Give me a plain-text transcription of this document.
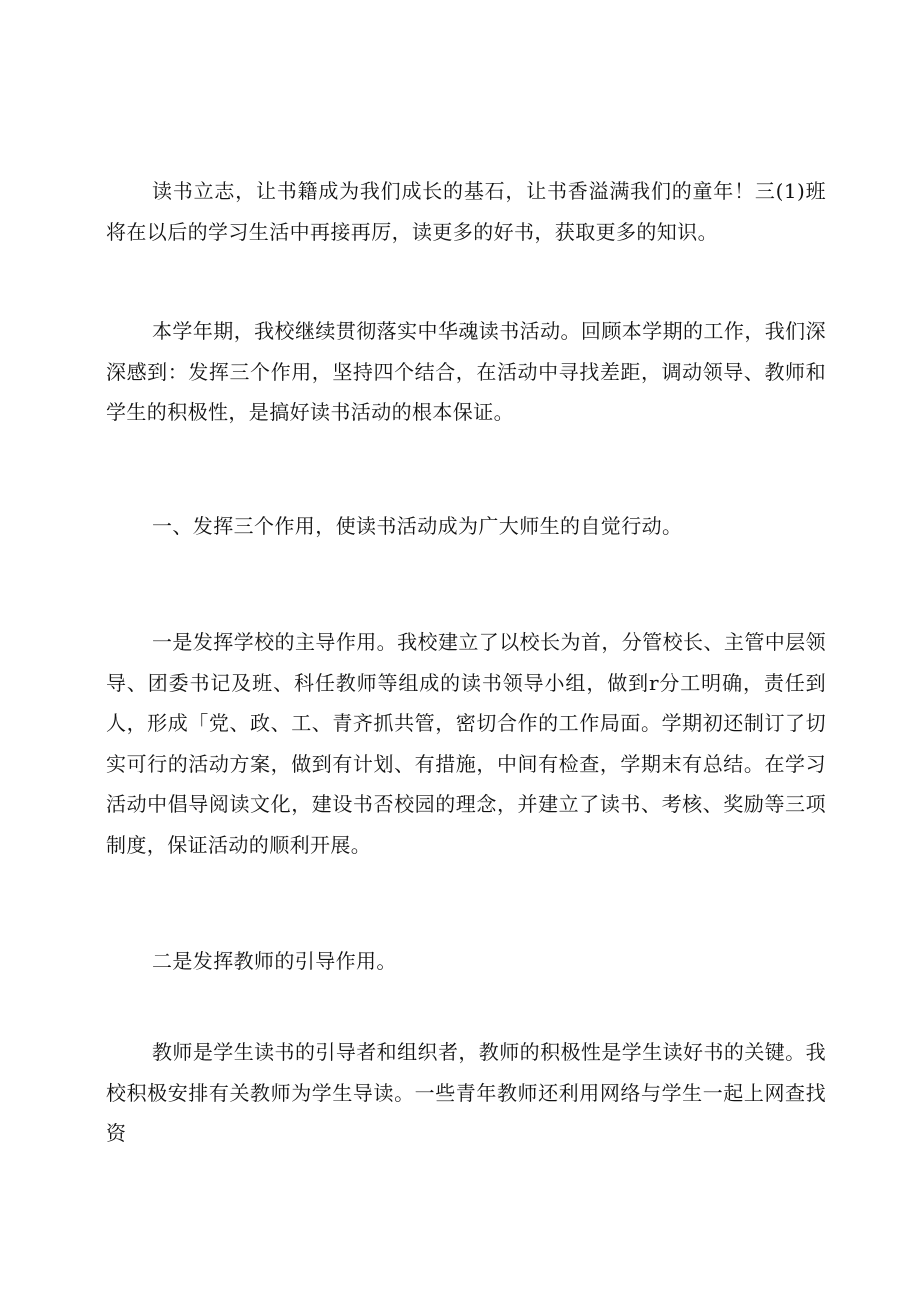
读书立志，让书籍成为我们成长的基石，让书香溢满我们的童年！三(1)班将在以后的学习生活中再接再厉，读更多的好书，获取更多的知识。

本学年期，我校继续贯彻落实中华魂读书活动。回顾本学期的工作，我们深深感到：发挥三个作用，坚持四个结合，在活动中寻找差距，调动领导、教师和学生的积极性，是搞好读书活动的根本保证。

一、发挥三个作用，使读书活动成为广大师生的自觉行动。

一是发挥学校的主导作用。我校建立了以校长为首，分管校长、主管中层领导、团委书记及班、科任教师等组成的读书领导小组，做到r分工明确，责任到人，形成「党、政、工、青齐抓共管，密切合作的工作局面。学期初还制订了切实可行的活动方案，做到有计划、有措施，中间有检查，学期末有总结。在学习活动中倡导阅读文化，建设书否校园的理念，并建立了读书、考核、奖励等三项制度，保证活动的顺利开展。

二是发挥教师的引导作用。

教师是学生读书的引导者和组织者，教师的积极性是学生读好书的关键。我校积极安排有关教师为学生导读。一些青年教师还利用网络与学生一起上网查找资
